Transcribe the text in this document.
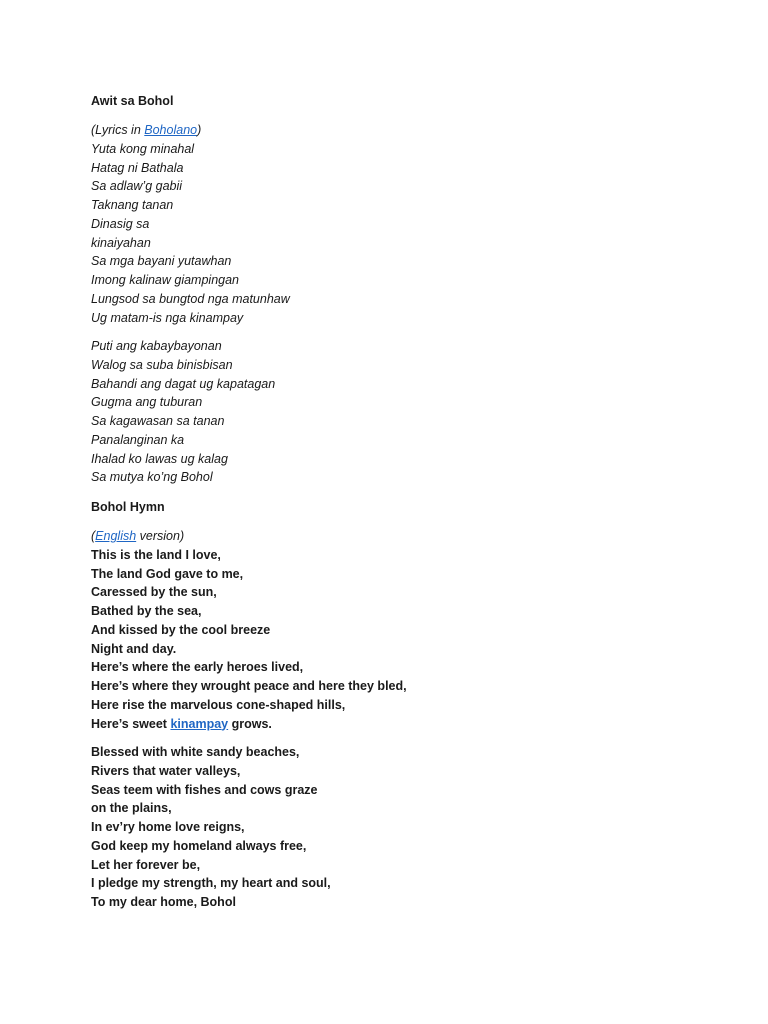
Awit sa Bohol
(Lyrics in Boholano)
Yuta kong minahal
Hatag ni Bathala
Sa adlaw’g gabii
Taknang tanan
Dinasig sa
kinaiyahan
Sa mga bayani yutawhan
Imong kalinaw giampingan
Lungsod sa bungtod nga matunhaw
Ug matam-is nga kinampay
Puti ang kabaybayonan
Walog sa suba binisbisan
Bahandi ang dagat ug kapatagan
Gugma ang tuburan
Sa kagawasan sa tanan
Panalanginan ka
Ihalad ko lawas ug kalag
Sa mutya ko’ng Bohol
Bohol Hymn
(English version)
This is the land I love,
The land God gave to me,
Caressed by the sun,
Bathed by the sea,
And kissed by the cool breeze
Night and day.
Here’s where the early heroes lived,
Here’s where they wrought peace and here they bled,
Here rise the marvelous cone-shaped hills,
Here’s sweet kinampay grows.
Blessed with white sandy beaches,
Rivers that water valleys,
Seas teem with fishes and cows graze
on the plains,
In ev’ry home love reigns,
God keep my homeland always free,
Let her forever be,
I pledge my strength, my heart and soul,
To my dear home, Bohol
